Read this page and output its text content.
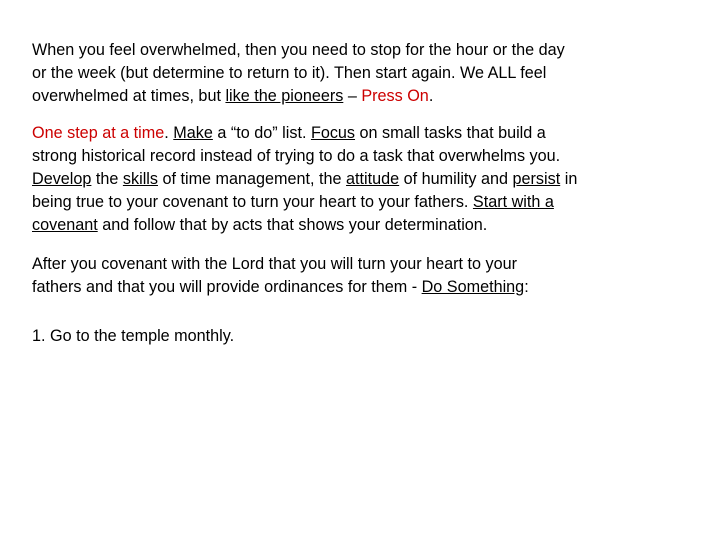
When you feel overwhelmed, then you need to stop for the hour or the day
or the week (but determine to return to it). Then start again. We ALL feel
overwhelmed at times, but like the pioneers – Press On.

One step at a time. Make a “to do” list. Focus on small tasks that build a
strong historical record instead of trying to do a task that overwhelms you.
Develop the skills of time management, the attitude of humility and persist in
being true to your covenant to turn your heart to your fathers. Start with a
covenant and follow that by acts that shows your determination.

After you covenant with the Lord that you will turn your heart to your
fathers and that you will provide ordinances for them - Do Something:

1. Go to the temple monthly.
